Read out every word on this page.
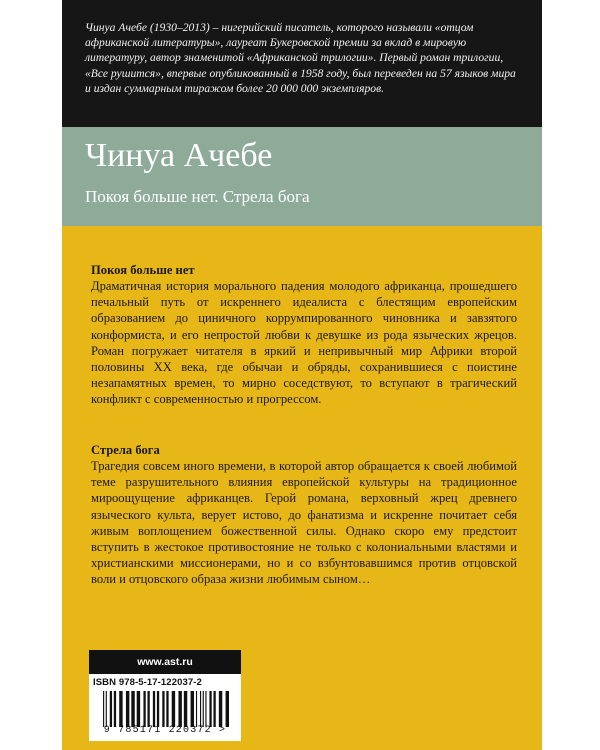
Чинуа Ачебе (1930–2013) – нигерийский писатель, которого называли «отцом африканской литературы», лауреат Букеровской премии за вклад в мировую литературу, автор знаменитой «Африканской трилогии». Первый роман трилогии, «Все рушится», впервые опубликованный в 1958 году, был переведен на 57 языков мира и издан суммарным тиражом более 20 000 000 экземпляров.

Чинуа Ачебе

Покоя больше нет. Стрела бога

Покоя больше нет

Драматичная история морального падения молодого африканца, прошедшего печальный путь от искреннего идеалиста с блестящим европейским образованием до циничного коррумпированного чиновника и завзятого конформиста, и его непростой любви к девушке из рода языческих жрецов. Роман погружает читателя в яркий и непривычный мир Африки второй половины XX века, где обычаи и обряды, сохранившиеся с поистине незапамятных времен, то мирно соседствуют, то вступают в трагический конфликт с современностью и прогрессом.

Стрела бога

Трагедия совсем иного времени, в которой автор обращается к своей любимой теме разрушительного влияния европейской культуры на традиционное мироощущение африканцев. Герой романа, верховный жрец древнего языческого культа, верует истово, до фанатизма и искренне почитает себя живым воплощением божественной силы. Однако скоро ему предстоит вступить в жестокое противостояние не только с колониальными властями и христианскими миссионерами, но и со взбунтовавшимся против отцовской воли и отцовского образа жизни любимым сыном…

www.ast.ru

ISBN 978-5-17-122037-2

9 785171 220372 >
